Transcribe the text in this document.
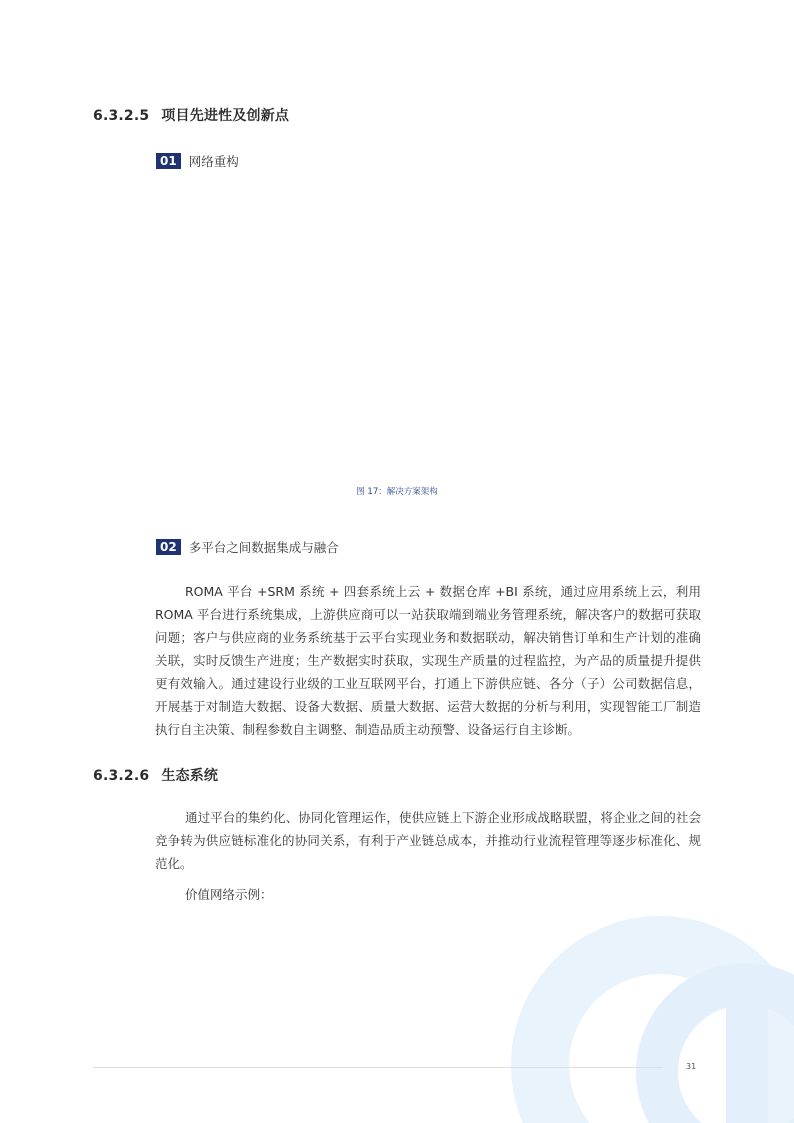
6.3.2.5 项目先进性及创新点
01 网络重构
图 17：解决方案架构
02 多平台之间数据集成与融合

ROMA 平台 +SRM 系统 + 四套系统上云 + 数据仓库 +BI 系统，通过应用系统上云，利用 ROMA 平台进行系统集成，上游供应商可以一站获取端到端业务管理系统，解决客户的数据可获取问题；客户与供应商的业务系统基于云平台实现业务和数据联动，解决销售订单和生产计划的准确关联，实时反馈生产进度；生产数据实时获取，实现生产质量的过程监控，为产品的质量提升提供更有效输入。通过建设行业级的工业互联网平台，打通上下游供应链、各分（子）公司数据信息，开展基于对制造大数据、设备大数据、质量大数据、运营大数据的分析与利用，实现智能工厂制造执行自主决策、制程参数自主调整、制造品质主动预警、设备运行自主诊断。

6.3.2.6 生态系统

通过平台的集约化、协同化管理运作，使供应链上下游企业形成战略联盟，将企业之间的社会竞争转为供应链标准化的协同关系，有利于产业链总成本，并推动行业流程管理等逐步标准化、规范化。

价值网络示例：

31
